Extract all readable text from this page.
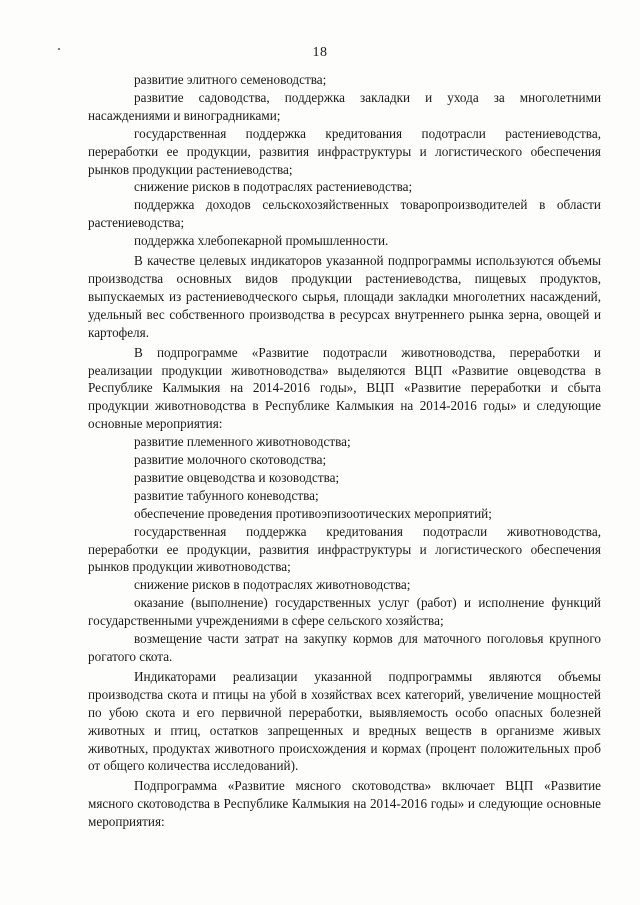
18

развитие элитного семеноводства;

развитие садоводства, поддержка закладки и ухода за многолетними насаждениями и виноградниками;

государственная поддержка кредитования подотрасли растениеводства, переработки ее продукции, развития инфраструктуры и логистического обеспечения рынков продукции растениеводства;

снижение рисков в подотраслях растениеводства;

поддержка доходов сельскохозяйственных товаропроизводителей в области растениеводства;

поддержка хлебопекарной промышленности.

В качестве целевых индикаторов указанной подпрограммы используются объемы производства основных видов продукции растениеводства, пищевых продуктов, выпускаемых из растениеводческого сырья, площади закладки многолетних насаждений, удельный вес собственного производства в ресурсах внутреннего рынка зерна, овощей и картофеля.

В подпрограмме «Развитие подотрасли животноводства, переработки и реализации продукции животноводства» выделяются ВЦП «Развитие овцеводства в Республике Калмыкия на 2014-2016 годы», ВЦП «Развитие переработки и сбыта продукции животноводства в Республике Калмыкия на 2014-2016 годы» и следующие основные мероприятия:

развитие племенного животноводства;

развитие молочного скотоводства;

развитие овцеводства и козоводства;

развитие табунного коневодства;

обеспечение проведения противоэпизоотических мероприятий;

государственная поддержка кредитования подотрасли животноводства, переработки ее продукции, развития инфраструктуры и логистического обеспечения рынков продукции животноводства;

снижение рисков в подотраслях животноводства;

оказание (выполнение) государственных услуг (работ) и исполнение функций государственными учреждениями в сфере сельского хозяйства;

возмещение части затрат на закупку кормов для маточного поголовья крупного рогатого скота.

Индикаторами реализации указанной подпрограммы являются объемы производства скота и птицы на убой в хозяйствах всех категорий, увеличение мощностей по убою скота и его первичной переработки, выявляемость особо опасных болезней животных и птиц, остатков запрещенных и вредных веществ в организме живых животных, продуктах животного происхождения и кормах (процент положительных проб от общего количества исследований).

Подпрограмма «Развитие мясного скотоводства» включает ВЦП «Развитие мясного скотоводства в Республике Калмыкия на 2014-2016 годы» и следующие основные мероприятия:
